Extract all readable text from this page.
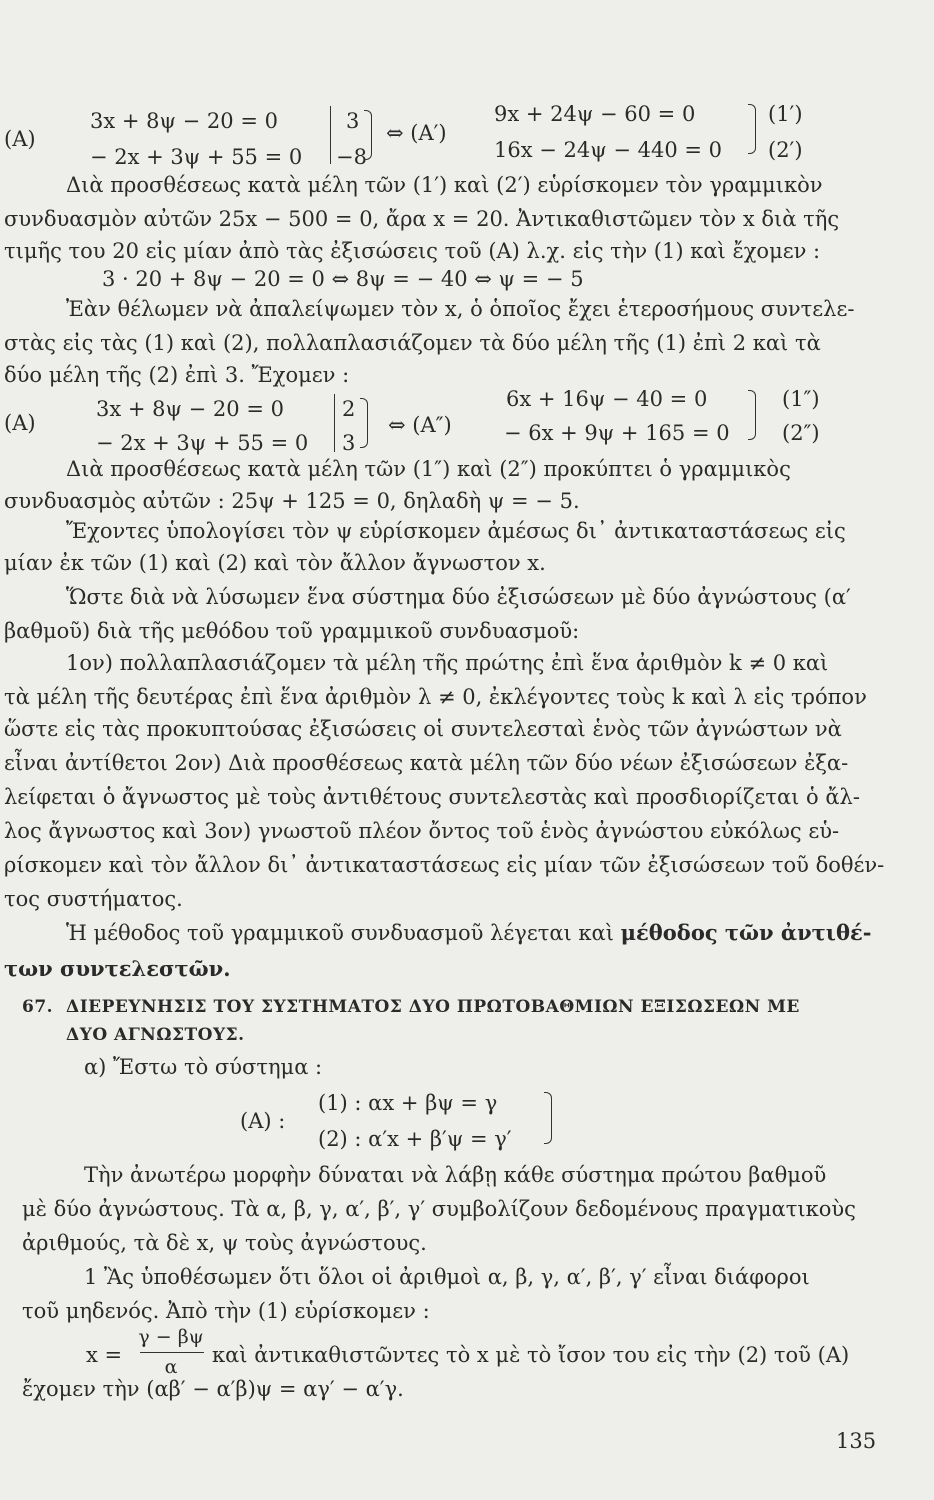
(A)
3x + 8ψ − 20 = 0
− 2x + 3ψ + 55 = 0
3
−8
⇔ (A′)
9x + 24ψ − 60 = 0
16x − 24ψ − 440 = 0
(1′)
(2′)
Διὰ προσθέσεως κατὰ μέλη τῶν (1′) καὶ (2′) εὑρίσκομεν τὸν γραμμικὸν
συνδυασμὸν αὐτῶν 25x − 500 = 0, ἄρα x = 20. Ἀντικαθιστῶμεν τὸν x διὰ τῆς
τιμῆς του 20 εἰς μίαν ἀπὸ τὰς ἐξισώσεις τοῦ (A) λ.χ. εἰς τὴν (1) καὶ ἔχομεν :
3 · 20 + 8ψ − 20 = 0 ⇔ 8ψ = − 40 ⇔ ψ = − 5
Ἐὰν θέλωμεν νὰ ἀπαλείψωμεν τὸν x, ὁ ὁποῖος ἔχει ἑτεροσήμους συντελε-
στὰς εἰς τὰς (1) καὶ (2), πολλαπλασιάζομεν τὰ δύο μέλη τῆς (1) ἐπὶ 2 καὶ τὰ
δύο μέλη τῆς (2) ἐπὶ 3. Ἔχομεν :
(A)
3x + 8ψ − 20 = 0
− 2x + 3ψ + 55 = 0
2
3
⇔ (A″)
6x + 16ψ − 40 = 0
− 6x + 9ψ + 165 = 0
(1″)
(2″)
Διὰ προσθέσεως κατὰ μέλη τῶν (1″) καὶ (2″) προκύπτει ὁ γραμμικὸς
συνδυασμὸς αὐτῶν : 25ψ + 125 = 0, δηλαδὴ ψ = − 5.
Ἔχοντες ὑπολογίσει τὸν ψ εὑρίσκομεν ἀμέσως δι᾽ ἀντικαταστάσεως εἰς
μίαν ἐκ τῶν (1) καὶ (2) καὶ τὸν ἄλλον ἄγνωστον x.
Ὥστε διὰ νὰ λύσωμεν ἕνα σύστημα δύο ἐξισώσεων μὲ δύο ἀγνώστους (α′
βαθμοῦ) διὰ τῆς μεθόδου τοῦ γραμμικοῦ συνδυασμοῦ:
1ον) πολλαπλασιάζομεν τὰ μέλη τῆς πρώτης ἐπὶ ἕνα ἀριθμὸν k ≠ 0 καὶ
τὰ μέλη τῆς δευτέρας ἐπὶ ἕνα ἀριθμὸν λ ≠ 0, ἐκλέγοντες τοὺς k καὶ λ εἰς τρόπον
ὥστε εἰς τὰς προκυπτούσας ἐξισώσεις οἱ συντελεσταὶ ἑνὸς τῶν ἀγνώστων νὰ
εἶναι ἀντίθετοι 2ον) Διὰ προσθέσεως κατὰ μέλη τῶν δύο νέων ἐξισώσεων ἐξα-
λείφεται ὁ ἄγνωστος μὲ τοὺς ἀντιθέτους συντελεστὰς καὶ προσδιορίζεται ὁ ἄλ-
λος ἄγνωστος καὶ 3ον) γνωστοῦ πλέον ὄντος τοῦ ἑνὸς ἀγνώστου εὐκόλως εὑ-
ρίσκομεν καὶ τὸν ἄλλον δι᾽ ἀντικαταστάσεως εἰς μίαν τῶν ἐξισώσεων τοῦ δοθέν-
τος συστήματος.
Ἡ μέθοδος τοῦ γραμμικοῦ συνδυασμοῦ λέγεται καὶ μέθοδος τῶν ἀντιθέ-
των συντελεστῶν.
67. ΔΙΕΡΕΥΝΗΣΙΣ ΤΟΥ ΣΥΣΤΗΜΑΤΟΣ ΔΥΟ ΠΡΩΤΟΒΑΘΜΙΩΝ ΕΞΙΣΩΣΕΩΝ ΜΕ
ΔΥΟ ΑΓΝΩΣΤΟΥΣ.
α) Ἔστω τὸ σύστημα :
(A) :
(1) : αx + βψ = γ
(2) : α′x + β′ψ = γ′
Τὴν ἀνωτέρω μορφὴν δύναται νὰ λάβῃ κάθε σύστημα πρώτου βαθμοῦ
μὲ δύο ἀγνώστους. Τὰ α, β, γ, α′, β′, γ′ συμβολίζουν δεδομένους πραγματικοὺς
ἀριθμούς, τὰ δὲ x, ψ τοὺς ἀγνώστους.
1 Ἂς ὑποθέσωμεν ὅτι ὅλοι οἱ ἀριθμοὶ α, β, γ, α′, β′, γ′ εἶναι διάφοροι
τοῦ μηδενός. Ἀπὸ τὴν (1) εὑρίσκομεν :
x =
γ − βψ
α	καὶ ἀντικαθιστῶντες τὸ x μὲ τὸ ἴσον του εἰς τὴν (2) τοῦ (A)
ἔχομεν τὴν (αβ′ − α′β)ψ = αγ′ − α′γ.
135
